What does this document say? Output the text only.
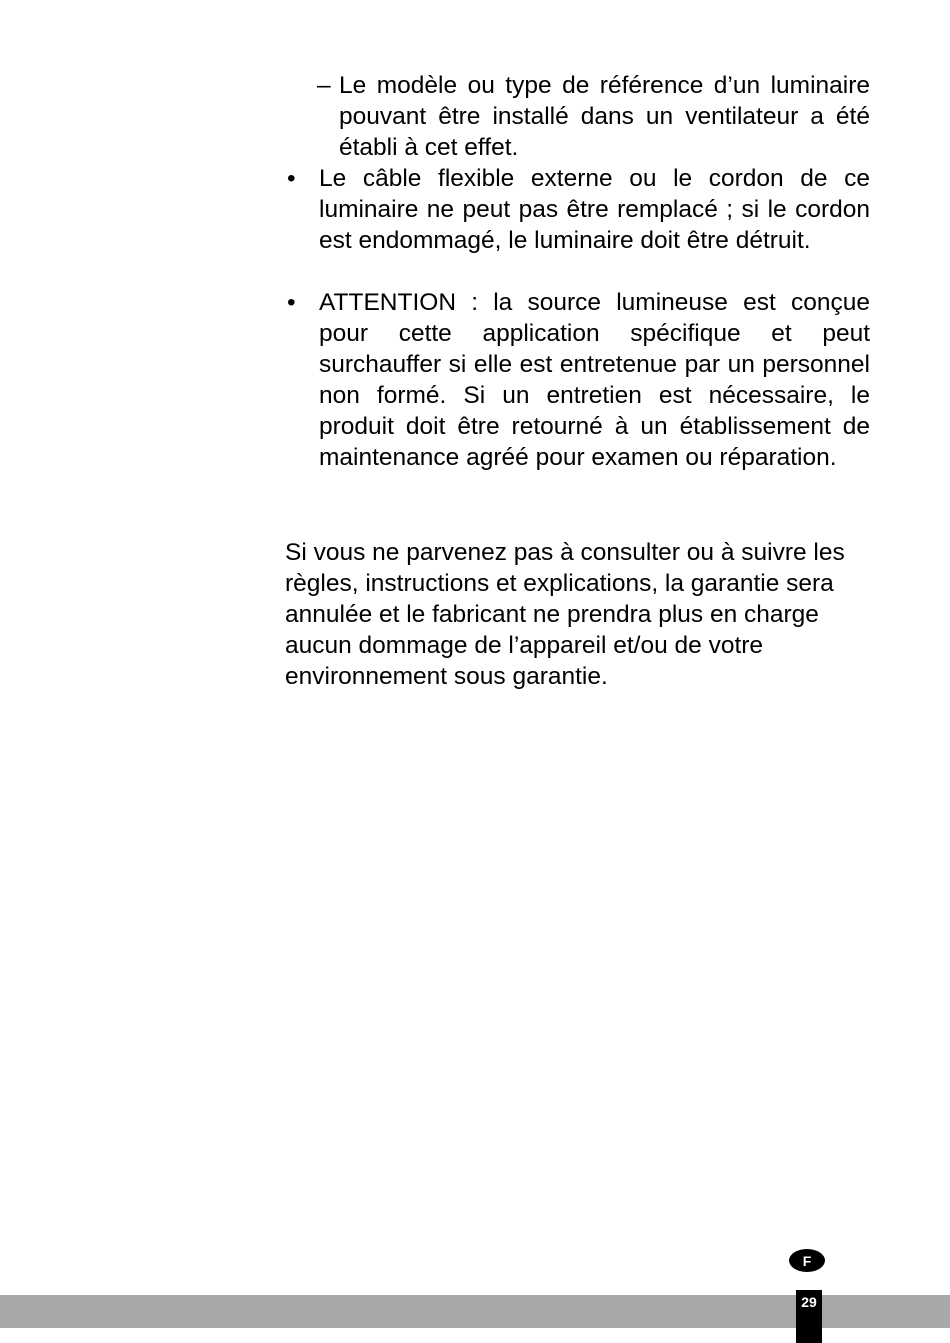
– Le modèle ou type de référence d’un luminaire pouvant être installé dans un ventilateur a été établi à cet effet.
• Le câble flexible externe ou le cordon de ce luminaire ne peut pas être remplacé ; si le cordon est endommagé, le luminaire doit être détruit.
• ATTENTION : la source lumineuse est conçue pour cette application spécifique et peut surchauffer si elle est entretenue par un personnel non formé. Si un entretien est nécessaire, le produit doit être retourné à un établissement de maintenance agréé pour examen ou réparation.
Si vous ne parvenez pas à consulter ou à suivre les règles, instructions et explications, la garantie sera annulée et le fabricant ne prendra plus en charge aucun dommage de l’appareil et/ou de votre environnement sous garantie.
29
F
